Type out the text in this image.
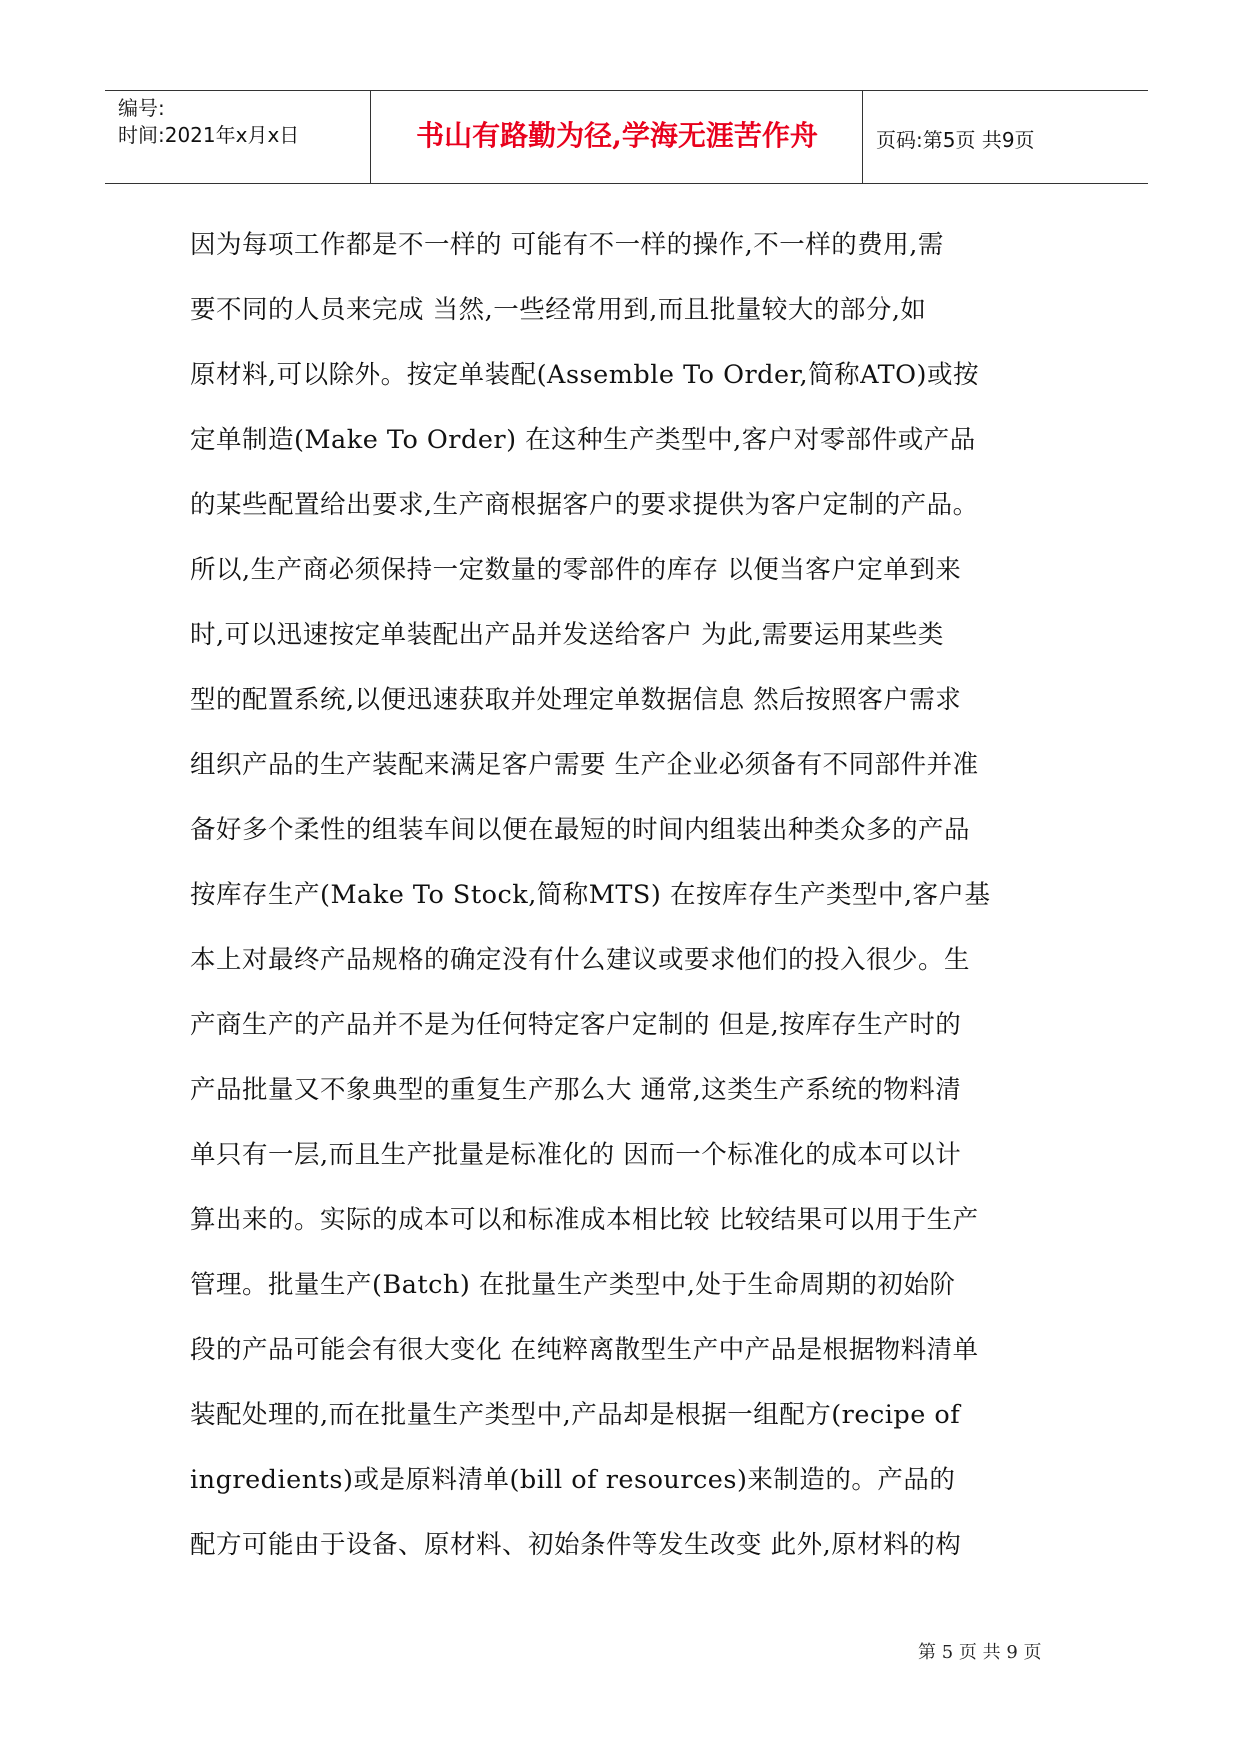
编号:
时间:2021年x月x日	书山有路勤为径,学海无涯苦作舟	页码:第5页 共9页
因为每项工作都是不一样的 可能有不一样的操作,不一样的费用,需
要不同的人员来完成 当然,一些经常用到,而且批量较大的部分,如
原材料,可以除外。按定单装配(Assemble To Order,简称ATO)或按
定单制造(Make To Order) 在这种生产类型中,客户对零部件或产品
的某些配置给出要求,生产商根据客户的要求提供为客户定制的产品。
所以,生产商必须保持一定数量的零部件的库存 以便当客户定单到来
时,可以迅速按定单装配出产品并发送给客户 为此,需要运用某些类
型的配置系统,以便迅速获取并处理定单数据信息 然后按照客户需求
组织产品的生产装配来满足客户需要 生产企业必须备有不同部件并准
备好多个柔性的组装车间以便在最短的时间内组装出种类众多的产品
按库存生产(Make To Stock,简称MTS) 在按库存生产类型中,客户基
本上对最终产品规格的确定没有什么建议或要求他们的投入很少。生
产商生产的产品并不是为任何特定客户定制的 但是,按库存生产时的
产品批量又不象典型的重复生产那么大 通常,这类生产系统的物料清
单只有一层,而且生产批量是标准化的 因而一个标准化的成本可以计
算出来的。实际的成本可以和标准成本相比较 比较结果可以用于生产
管理。批量生产(Batch) 在批量生产类型中,处于生命周期的初始阶
段的产品可能会有很大变化 在纯粹离散型生产中产品是根据物料清单
装配处理的,而在批量生产类型中,产品却是根据一组配方(recipe of
ingredients)或是原料清单(bill of resources)来制造的。产品的
配方可能由于设备、原材料、初始条件等发生改变 此外,原材料的构
第 5 页 共 9 页
